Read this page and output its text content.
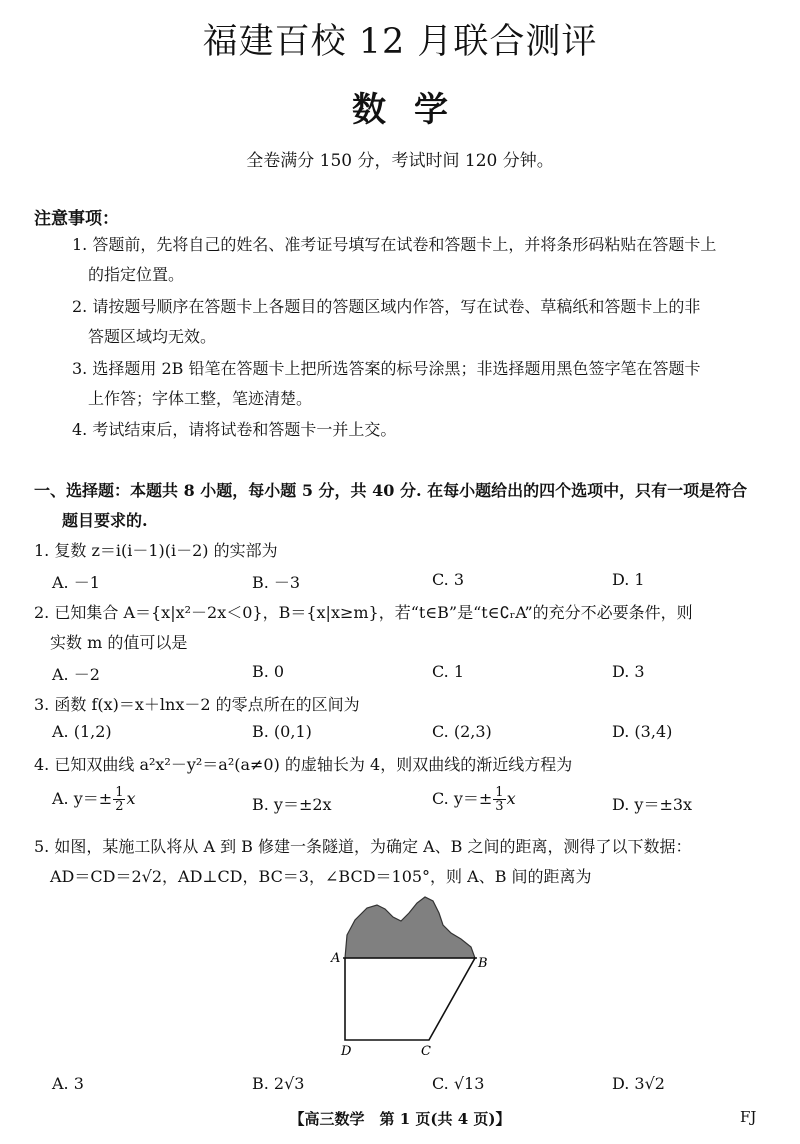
福建百校 12 月联合测评
数学
全卷满分 150 分，考试时间 120 分钟。
注意事项：
1. 答题前，先将自己的姓名、准考证号填写在试卷和答题卡上，并将条形码粘贴在答题卡上
的指定位置。
2. 请按题号顺序在答题卡上各题目的答题区域内作答，写在试卷、草稿纸和答题卡上的非
答题区域均无效。
3. 选择题用 2B 铅笔在答题卡上把所选答案的标号涂黑；非选择题用黑色签字笔在答题卡
上作答；字体工整，笔迹清楚。
4. 考试结束后，请将试卷和答题卡一并上交。
一、选择题：本题共 8 小题，每小题 5 分，共 40 分. 在每小题给出的四个选项中，只有一项是符合
题目要求的.
1. 复数 z＝i(i－1)(i－2) 的实部为
A. －1	B. －3	C. 3	D. 1
2. 已知集合 A＝{x|x²－2x＜0}，B＝{x|x≥m}，若“t∈B”是“t∈∁ᵣA”的充分不必要条件，则
实数 m 的值可以是
A. －2	B. 0	C. 1	D. 3
3. 函数 f(x)＝x＋lnx－2 的零点所在的区间为
A. (1,2)	B. (0,1)	C. (2,3)	D. (3,4)
4. 已知双曲线 a²x²－y²＝a²(a≠0) 的虚轴长为 4，则双曲线的渐近线方程为
A. $y=\pm \frac{1}{2}$ x	B. y＝±2x	C. $y=\pm \frac{1}{3}$ x	D. y＝±3x
5. 如图，某施工队将从 A 到 B 修建一条隧道，为确定 A、B 之间的距离，测得了以下数据：
AD＝CD＝2√2，AD⊥CD，BC＝3，∠BCD＝105°，则 A、B 间的距离为
A	B
C
D
A. 3	B. 2√3	C. √13	D. 3√2
【高三数学　第 1 页(共 4 页)】	FJ
